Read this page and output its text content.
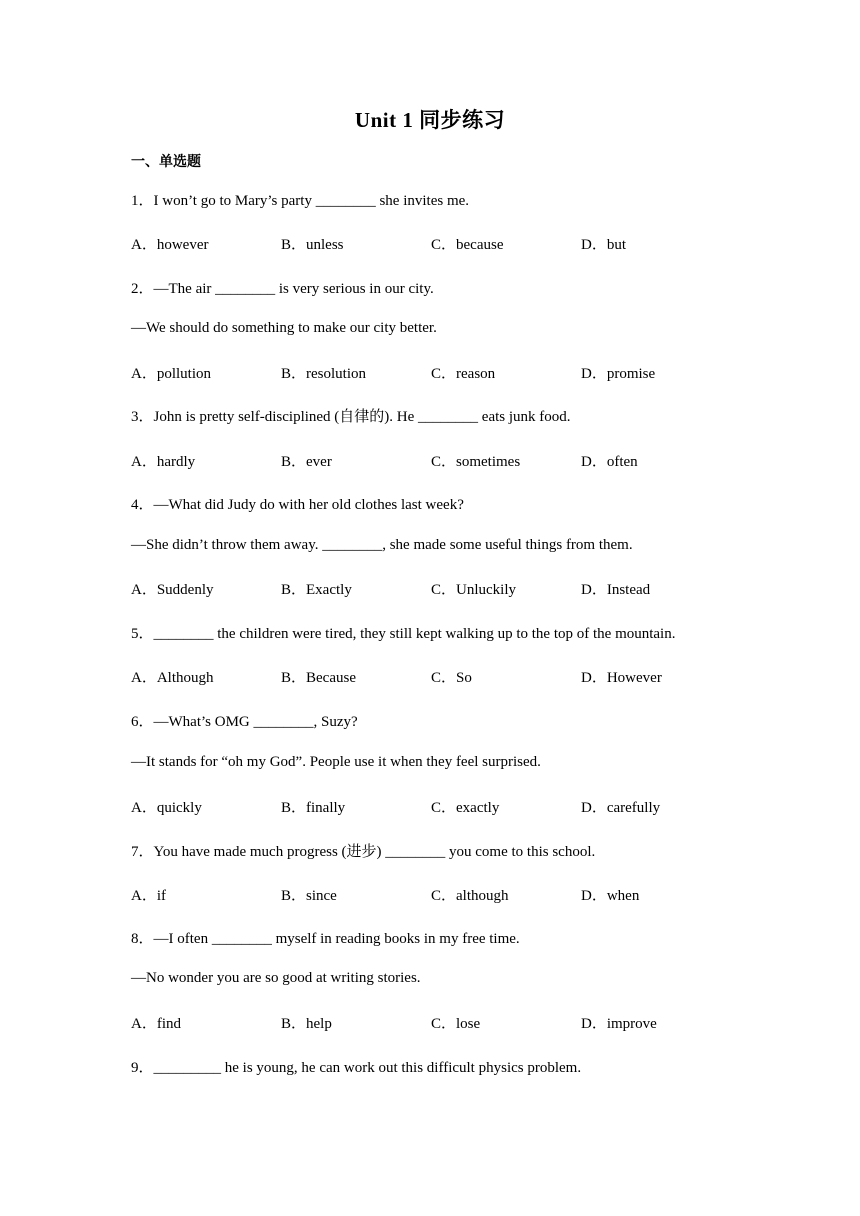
Unit 1 同步练习
一、单选题
1．I won’t go to Mary’s party ________ she invites me.
A．however	B．unless	C．because	D．but
2．—The air ________ is very serious in our city.
—We should do something to make our city better.
A．pollution	B．resolution	C．reason	D．promise
3．John is pretty self-disciplined (自律的). He ________ eats junk food.
A．hardly	B．ever	C．sometimes	D．often
4．—What did Judy do with her old clothes last week?
—She didn’t throw them away. ________, she made some useful things from them.
A．Suddenly	B．Exactly	C．Unluckily	D．Instead
5．________ the children were tired, they still kept walking up to the top of the mountain.
A．Although	B．Because	C．So	D．However
6．—What’s OMG ________, Suzy?
—It stands for “oh my God”. People use it when they feel surprised.
A．quickly	B．finally	C．exactly	D．carefully
7．You have made much progress (进步) ________ you come to this school.
A．if	B．since	C．although	D．when
8．—I often ________ myself in reading books in my free time.
—No wonder you are so good at writing stories.
A．find	B．help	C．lose	D．improve
9．_________ he is young, he can work out this difficult physics problem.
